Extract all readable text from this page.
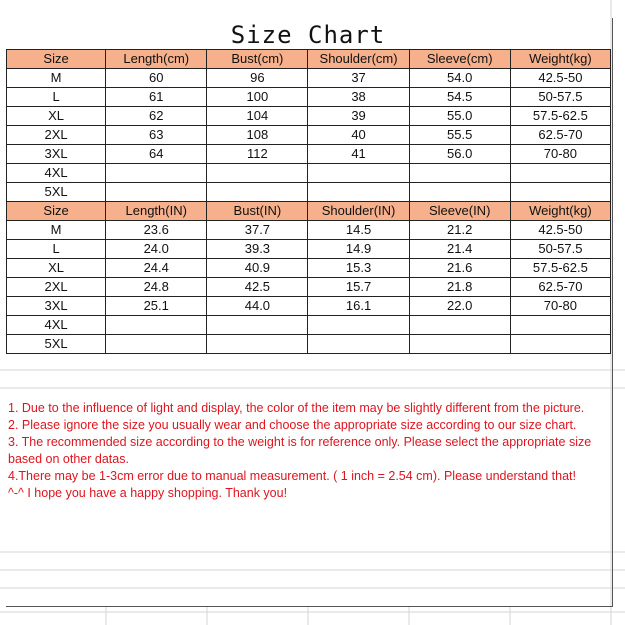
Size Chart
Size	Length(cm)	Bust(cm)	Shoulder(cm)	Sleeve(cm)	Weight(kg)
M	60	96	37	54.0	42.5-50
L	61	100	38	54.5	50-57.5
XL	62	104	39	55.0	57.5-62.5
2XL	63	108	40	55.5	62.5-70
3XL	64	112	41	56.0	70-80
4XL					
5XL					
Size	Length(IN)	Bust(IN)	Shoulder(IN)	Sleeve(IN)	Weight(kg)
M	23.6	37.7	14.5	21.2	42.5-50
L	24.0	39.3	14.9	21.4	50-57.5
XL	24.4	40.9	15.3	21.6	57.5-62.5
2XL	24.8	42.5	15.7	21.8	62.5-70
3XL	25.1	44.0	16.1	22.0	70-80
4XL					
5XL					

1. Due to the influence of light and display, the color of the item may be slightly different from the picture.

2. Please ignore the size you usually wear and choose the appropriate size according to our size chart.

3. The recommended size according to the weight is for reference only. Please select the appropriate size based on other datas.

4.There may be 1-3cm error due to manual measurement. ( 1 inch = 2.54 cm). Please understand that!

^-^ I hope you have a happy shopping. Thank you!
